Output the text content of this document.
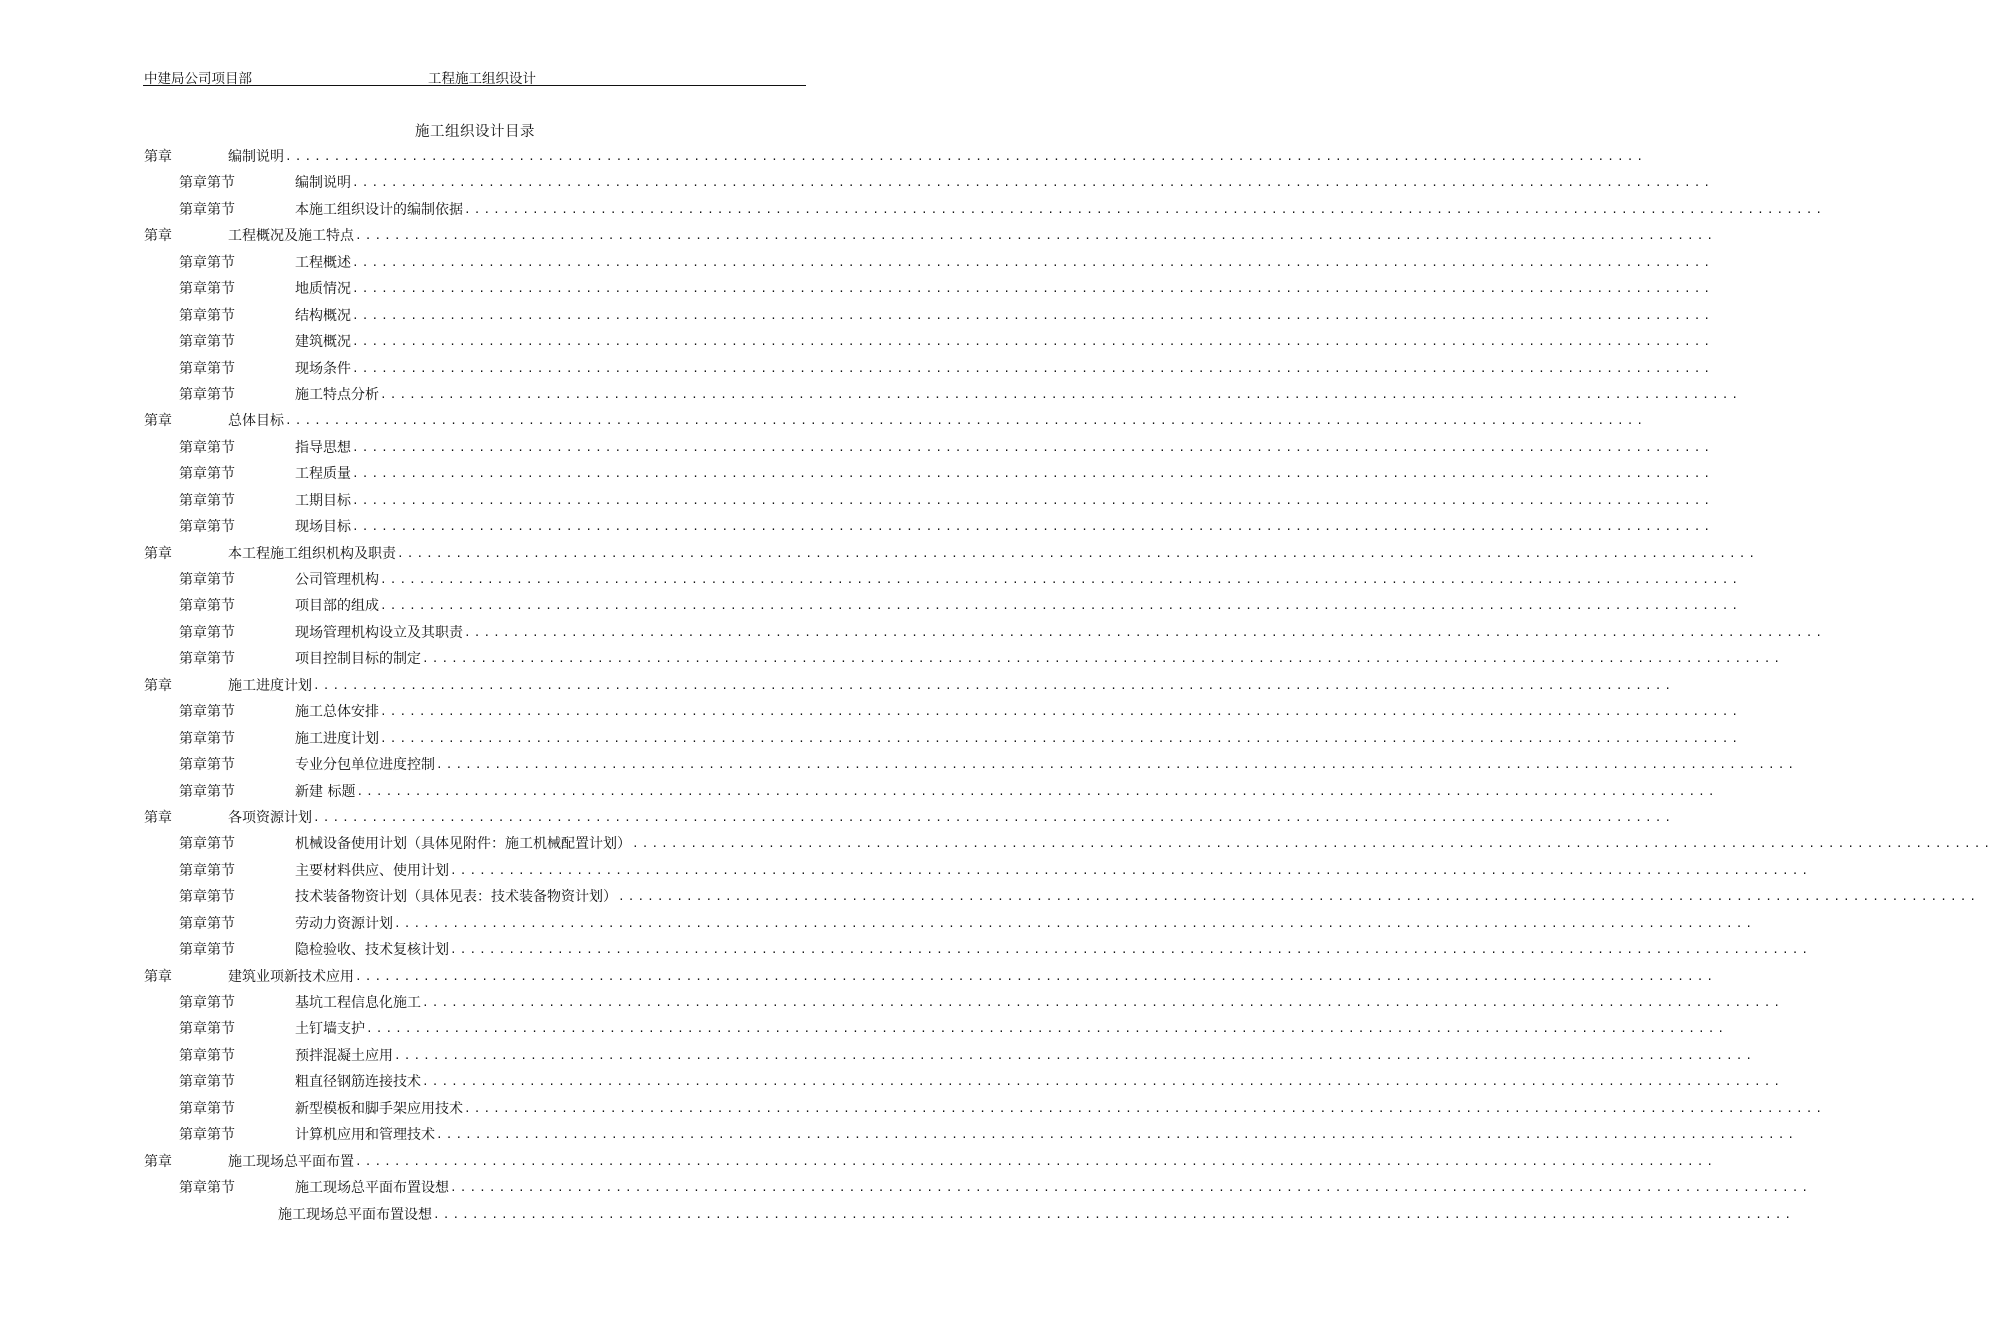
中建局公司项目部	工程施工组织设计
施工组织设计目录
第章	编制说明 ............................................................................................................................................
第章第节	编制说明 ............................................................................................................................................
第章第节	本施工组织设计的编制依据 ............................................................................................................................................
第章	工程概况及施工特点 ............................................................................................................................................
第章第节	工程概述 ............................................................................................................................................
第章第节	地质情况 ............................................................................................................................................
第章第节	结构概况 ............................................................................................................................................
第章第节	建筑概况 ............................................................................................................................................
第章第节	现场条件 ............................................................................................................................................
第章第节	施工特点分析 ............................................................................................................................................
第章	总体目标 ............................................................................................................................................
第章第节	指导思想 ............................................................................................................................................
第章第节	工程质量 ............................................................................................................................................
第章第节	工期目标 ............................................................................................................................................
第章第节	现场目标 ............................................................................................................................................
第章	本工程施工组织机构及职责 ............................................................................................................................................
第章第节	公司管理机构 ............................................................................................................................................
第章第节	项目部的组成 ............................................................................................................................................
第章第节	现场管理机构设立及其职责 ............................................................................................................................................
第章第节	项目控制目标的制定 ............................................................................................................................................
第章	施工进度计划 ............................................................................................................................................
第章第节	施工总体安排 ............................................................................................................................................
第章第节	施工进度计划 ............................................................................................................................................
第章第节	专业分包单位进度控制 ............................................................................................................................................
第章第节	新建 标题 ............................................................................................................................................
第章	各项资源计划 ............................................................................................................................................
第章第节	机械设备使用计划（具体见附件：施工机械配置计划） ............................................................................................................................................
第章第节	主要材料供应、使用计划 ............................................................................................................................................
第章第节	技术装备物资计划（具体见表：技术装备物资计划） ............................................................................................................................................
第章第节	劳动力资源计划 ............................................................................................................................................
第章第节	隐检验收、技术复核计划 ............................................................................................................................................
第章	建筑业项新技术应用 ............................................................................................................................................
第章第节	基坑工程信息化施工 ............................................................................................................................................
第章第节	土钉墙支护 ............................................................................................................................................
第章第节	预拌混凝土应用 ............................................................................................................................................
第章第节	粗直径钢筋连接技术 ............................................................................................................................................
第章第节	新型模板和脚手架应用技术 ............................................................................................................................................
第章第节	计算机应用和管理技术 ............................................................................................................................................
第章	施工现场总平面布置 ............................................................................................................................................
第章第节	施工现场总平面布置设想 ............................................................................................................................................
施工现场总平面布置设想 ............................................................................................................................................
